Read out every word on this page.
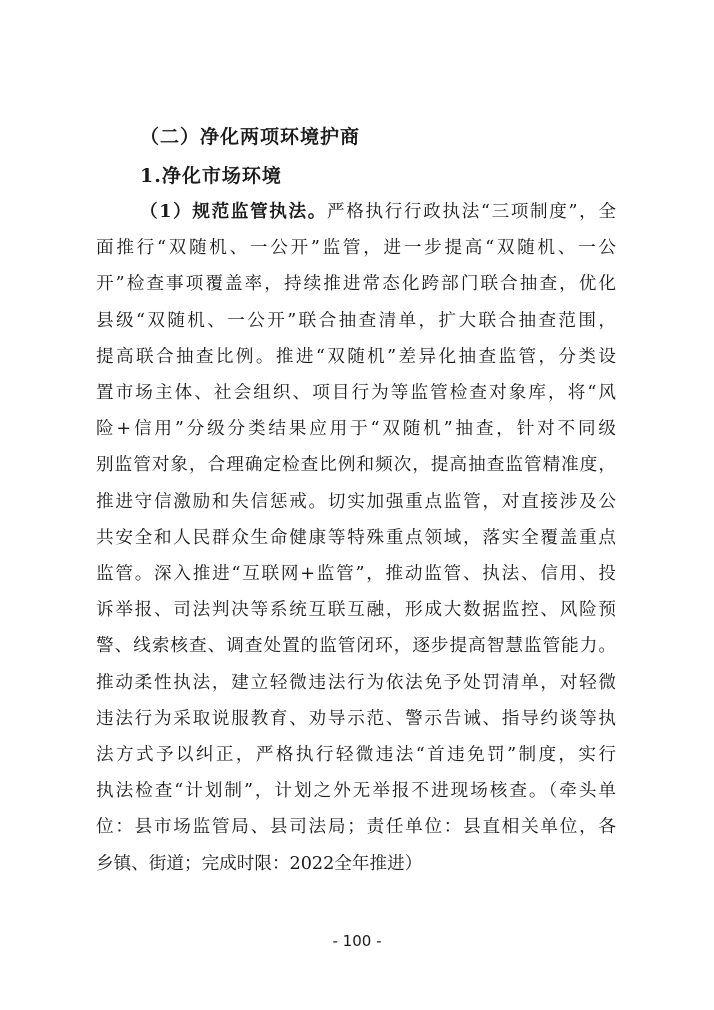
（二）净化两项环境护商
1.净化市场环境
（1）规范监管执法。严格执行行政执法“三项制度”，全
面推行“双随机、一公开”监管，进一步提高“双随机、一公
开”检查事项覆盖率，持续推进常态化跨部门联合抽查，优化
县级“双随机、一公开”联合抽查清单，扩大联合抽查范围，
提高联合抽查比例。推进“双随机”差异化抽查监管，分类设
置市场主体、社会组织、项目行为等监管检查对象库，将“风
险+信用”分级分类结果应用于“双随机”抽查，针对不同级
别监管对象，合理确定检查比例和频次，提高抽查监管精准度，
推进守信激励和失信惩戒。切实加强重点监管，对直接涉及公
共安全和人民群众生命健康等特殊重点领域，落实全覆盖重点
监管。深入推进“互联网+监管”，推动监管、执法、信用、投
诉举报、司法判决等系统互联互融，形成大数据监控、风险预
警、线索核查、调查处置的监管闭环，逐步提高智慧监管能力。
推动柔性执法，建立轻微违法行为依法免予处罚清单，对轻微
违法行为采取说服教育、劝导示范、警示告诫、指导约谈等执
法方式予以纠正，严格执行轻微违法“首违免罚”制度，实行
执法检查“计划制”，计划之外无举报不进现场核查。（牵头单
位：县市场监管局、县司法局；责任单位：县直相关单位，各
乡镇、街道；完成时限：2022全年推进）
- 100 -
